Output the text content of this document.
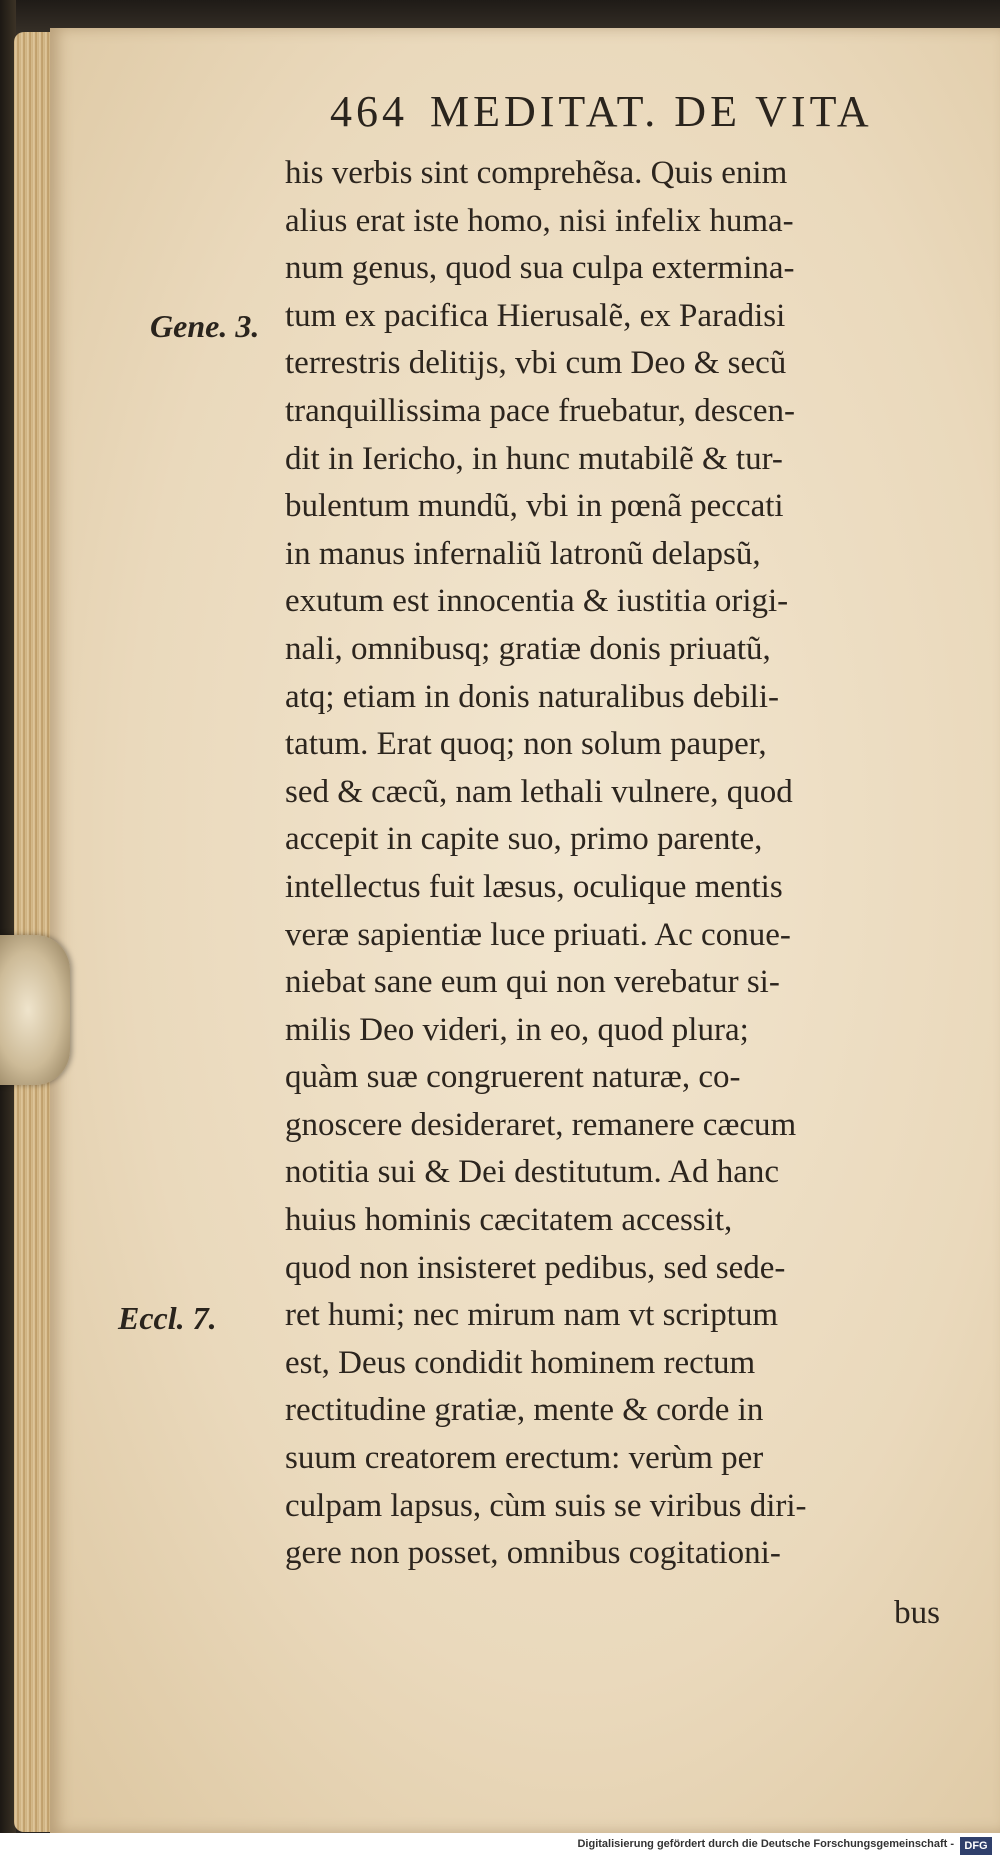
464 MEDITAT. DE VITA
Gene. 3.
Eccl. 7.
his verbis sint comprehẽsa. Quis enim
alius erat iste homo, nisi infelix huma-
num genus, quod sua culpa extermina-
tum ex pacifica Hierusalẽ, ex Paradisi
terrestris delitijs, vbi cum Deo & secũ
tranquillissima pace fruebatur, descen-
dit in Iericho, in hunc mutabilẽ & tur-
bulentum mundũ, vbi in pœnã peccati
in manus infernaliũ latronũ delapsũ,
exutum est innocentia & iustitia origi-
nali, omnibusq; gratiæ donis priuatũ,
atq; etiam in donis naturalibus debili-
tatum. Erat quoq; non solum pauper,
sed & cæcũ, nam lethali vulnere, quod
accepit in capite suo, primo parente,
intellectus fuit læsus, oculique mentis
veræ sapientiæ luce priuati. Ac conue-
niebat sane eum qui non verebatur si-
milis Deo videri, in eo, quod plura;
quàm suæ congruerent naturæ, co-
gnoscere desideraret, remanere cæcum
notitia sui & Dei destitutum. Ad hanc
huius hominis cæcitatem accessit,
quod non insisteret pedibus, sed sede-
ret humi; nec mirum nam vt scriptum
est, Deus condidit hominem rectum
rectitudine gratiæ, mente & corde in
suum creatorem erectum: verùm per
culpam lapsus, cùm suis se viribus diri-
gere non posset, omnibus cogitationi-
bus
Digitalisierung gefördert durch die Deutsche Forschungsgemeinschaft - DFG
